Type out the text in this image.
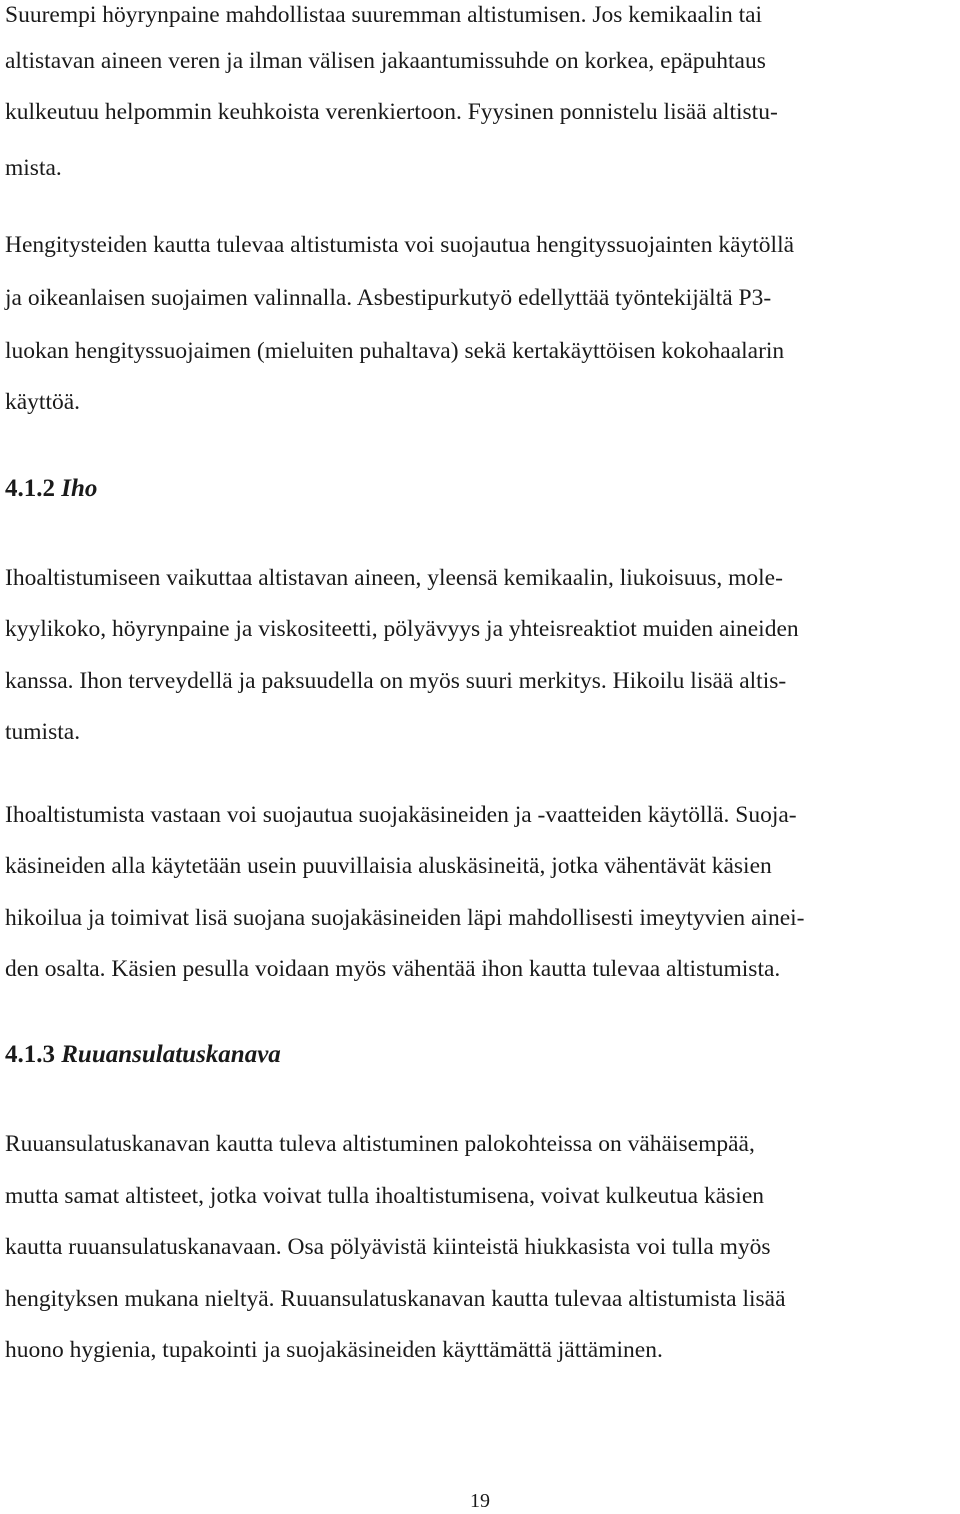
Suurempi höyrynpaine mahdollistaa suuremman altistumisen. Jos kemikaalin tai
altistavan aineen veren ja ilman välisen jakaantumissuhde on korkea, epäpuhtaus
kulkeutuu helpommin keuhkoista verenkiertoon. Fyysinen ponnistelu lisää altistu-
mista.
Hengitysteiden kautta tulevaa altistumista voi suojautua hengityssuojainten käytöllä
ja oikeanlaisen suojaimen valinnalla. Asbestipurkutyö edellyttää työntekijältä P3-
luokan hengityssuojaimen (mieluiten puhaltava) sekä kertakäyttöisen kokohaalarin
käyttöä.
4.1.2 Iho
Ihoaltistumiseen vaikuttaa altistavan aineen, yleensä kemikaalin, liukoisuus, mole-
kyylikoko, höyrynpaine ja viskositeetti, pölyävyys ja yhteisreaktiot muiden aineiden
kanssa. Ihon terveydellä ja paksuudella on myös suuri merkitys. Hikoilu lisää altis-
tumista.
Ihoaltistumista vastaan voi suojautua suojakäsineiden ja -vaatteiden käytöllä. Suoja-
käsineiden alla käytetään usein puuvillaisia aluskäsineitä, jotka vähentävät käsien
hikoilua ja toimivat lisä suojana suojakäsineiden läpi mahdollisesti imeytyvien ainei-
den osalta. Käsien pesulla voidaan myös vähentää ihon kautta tulevaa altistumista.
4.1.3 Ruuansulatuskanava
Ruuansulatuskanavan kautta tuleva altistuminen palokohteissa on vähäisempää,
mutta samat altisteet, jotka voivat tulla ihoaltistumisena, voivat kulkeutua käsien
kautta ruuansulatuskanavaan. Osa pölyävistä kiinteistä hiukkasista voi tulla myös
hengityksen mukana nieltyä. Ruuansulatuskanavan kautta tulevaa altistumista lisää
huono hygienia, tupakointi ja suojakäsineiden käyttämättä jättäminen.
19
